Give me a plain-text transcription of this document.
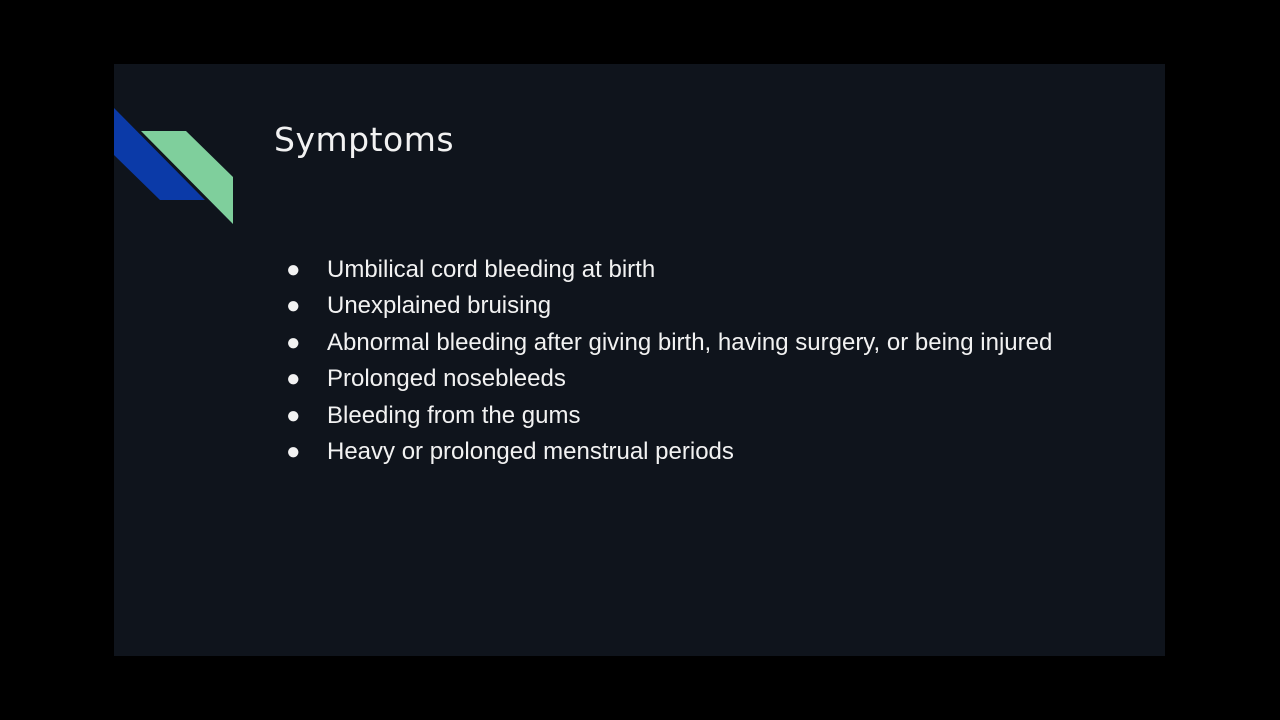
Symptoms
● Umbilical cord bleeding at birth
● Unexplained bruising
● Abnormal bleeding after giving birth, having surgery, or being injured
● Prolonged nosebleeds
● Bleeding from the gums
● Heavy or prolonged menstrual periods
